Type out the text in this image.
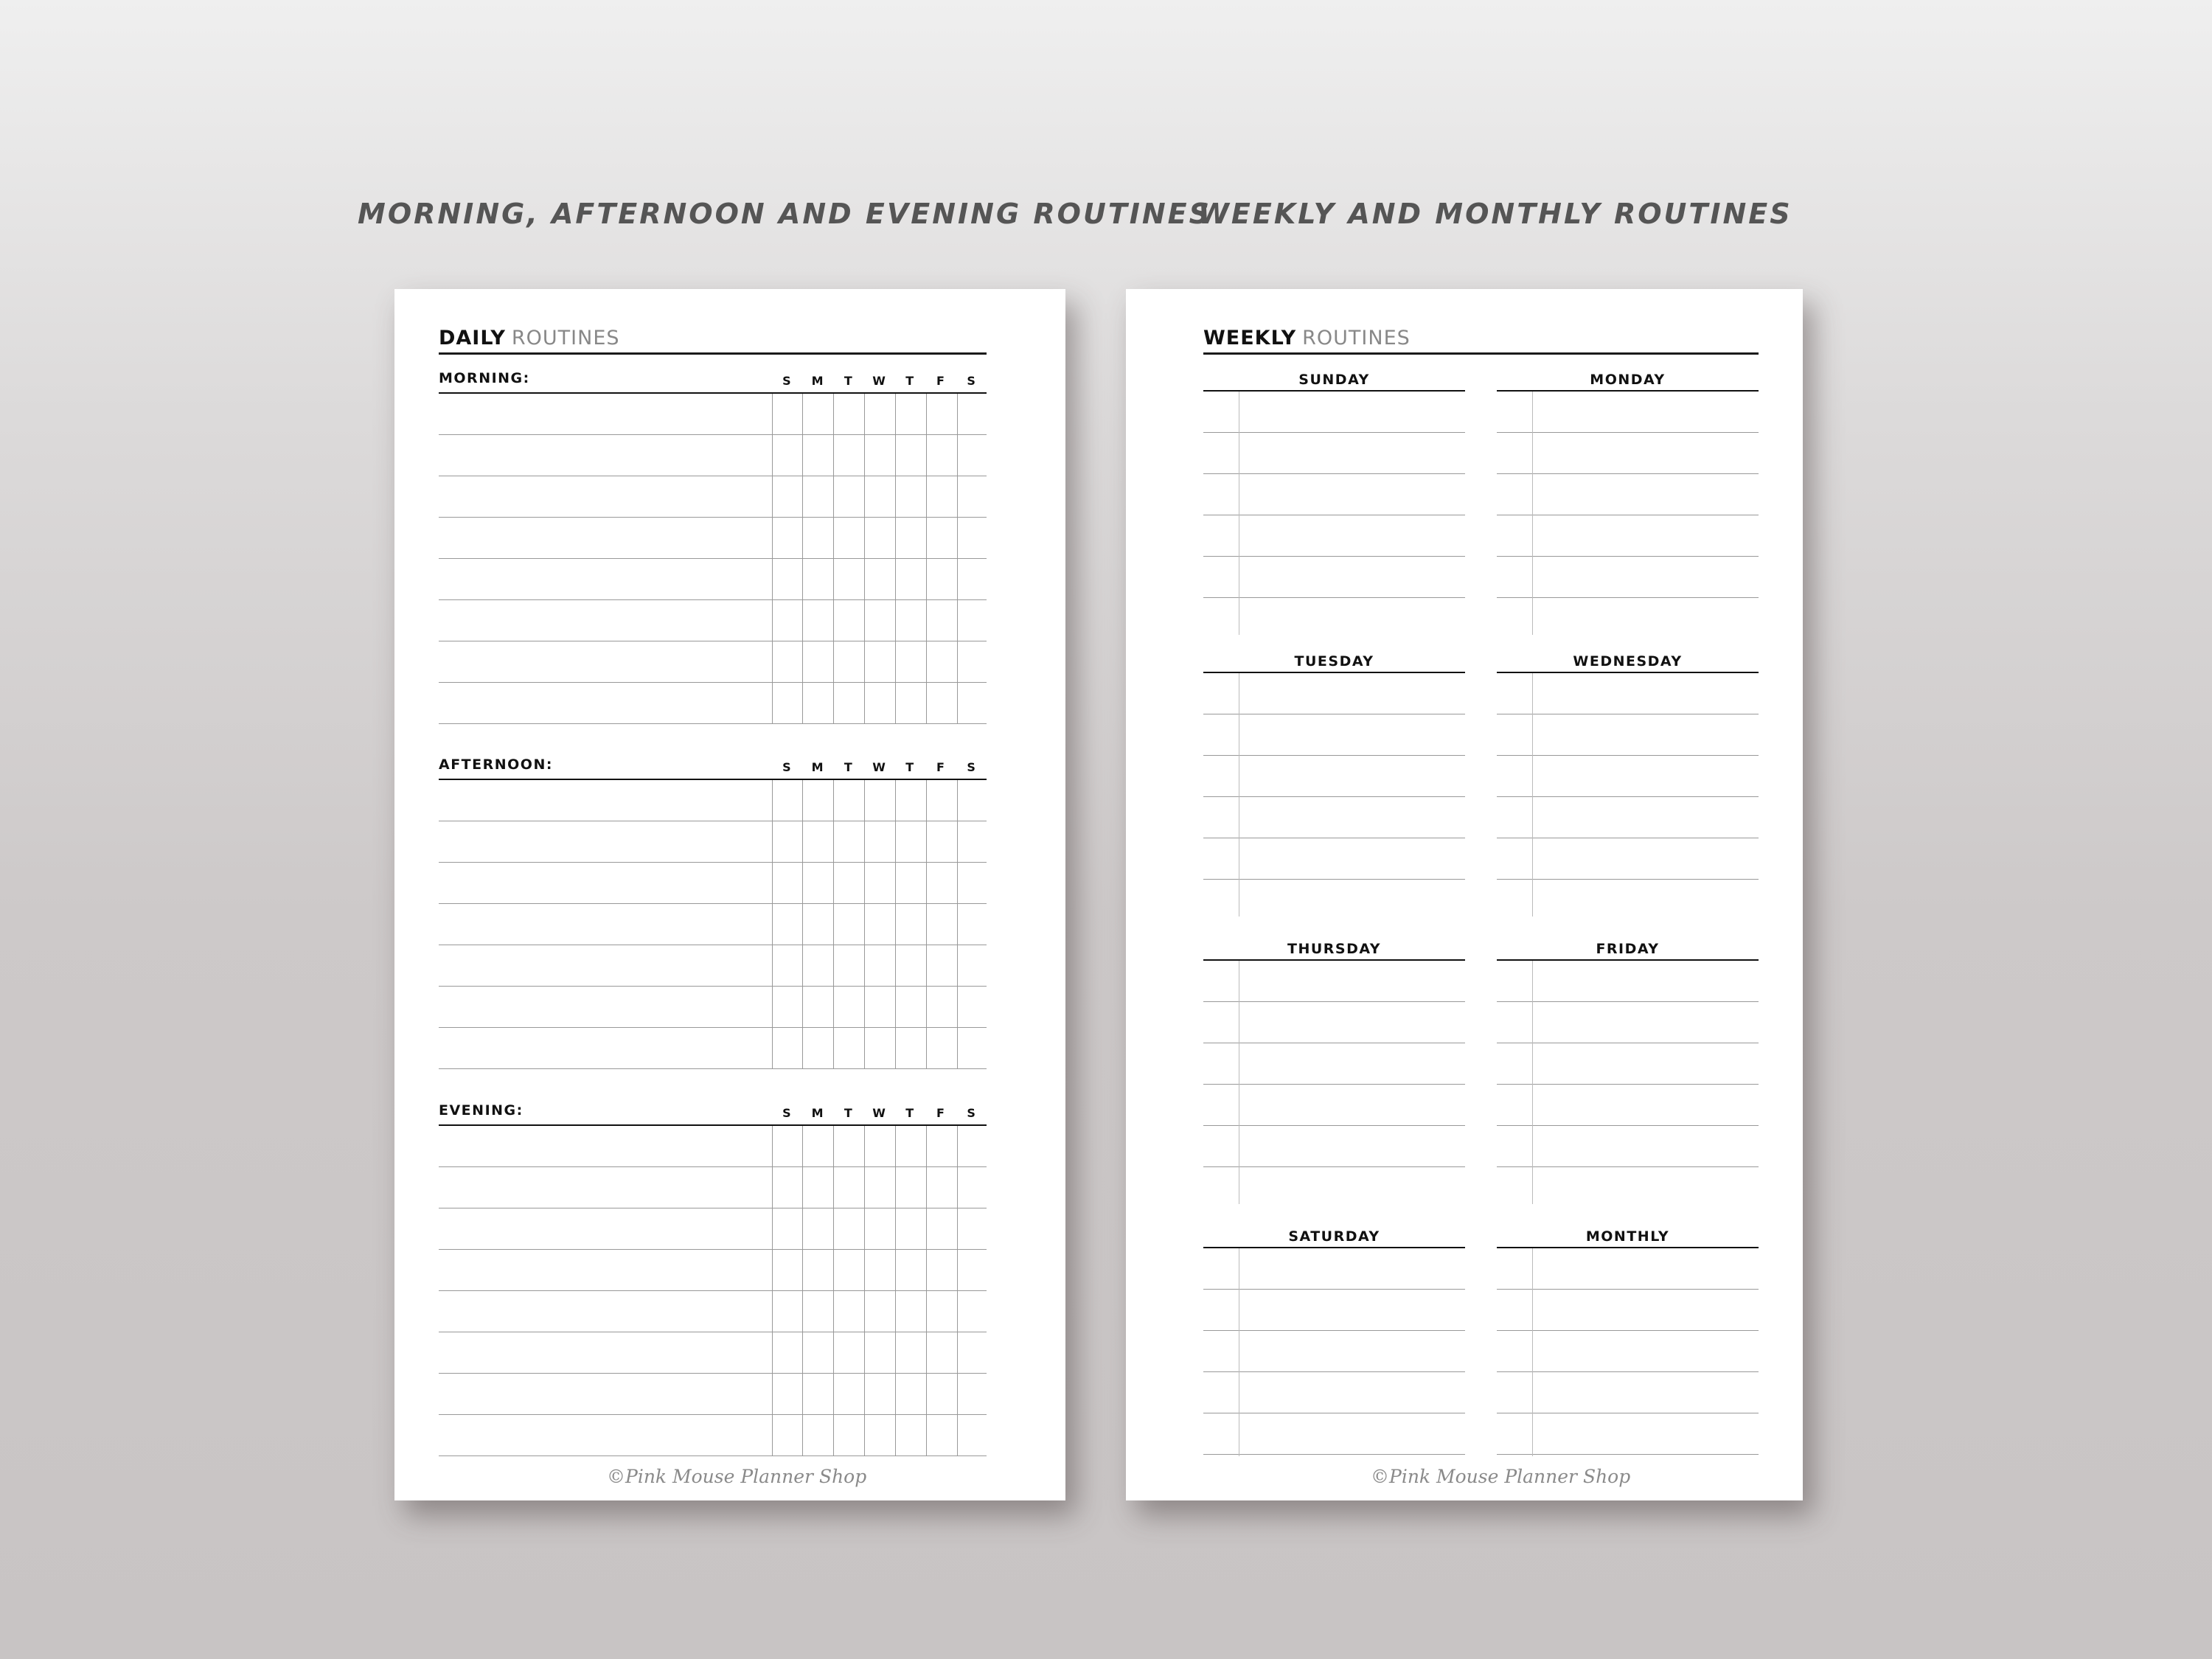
MORNING, AFTERNOON AND EVENING ROUTINES

WEEKLY AND MONTHLY ROUTINES

DAILY ROUTINES
MORNING:	S	M	T	W	T	F	S
AFTERNOON:	S	M	T	W	T	F	S
EVENING:	S	M	T	W	T	F	S

©Pink Mouse Planner Shop

WEEKLY ROUTINES
SUNDAY	MONDAY
TUESDAY	WEDNESDAY
THURSDAY	FRIDAY
SATURDAY	MONTHLY

©Pink Mouse Planner Shop
